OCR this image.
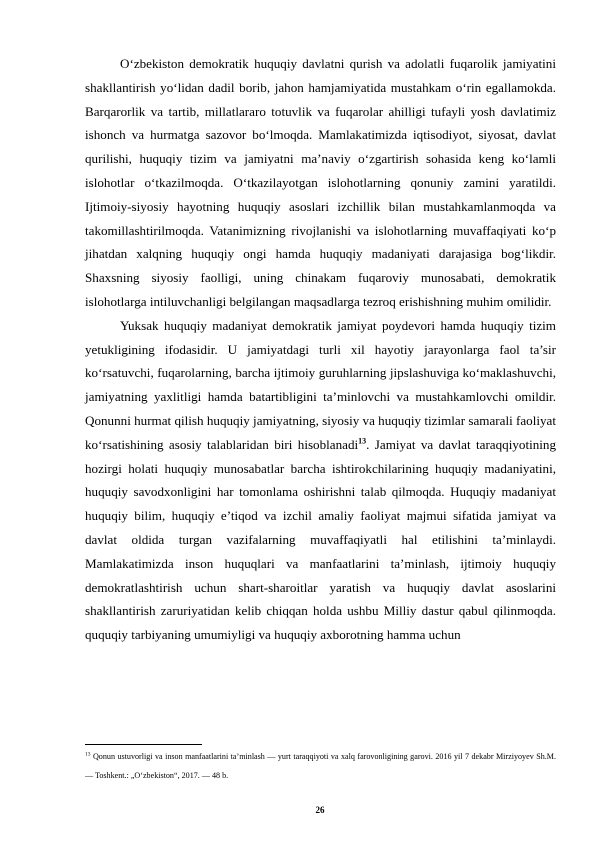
O‘zbekiston demokratik huquqiy davlatni qurish va adolatli fuqarolik jamiyatini shakllantirish yo‘lidan dadil borib, jahon hamjamiyatida mustahkam o‘rin egallamokda. Barqarorlik va tartib, millatlararo totuvlik va fuqarolar ahilligi tufayli yosh davlatimiz ishonch va hurmatga sazovor bo‘lmoqda. Mamlakatimizda iqtisodiyot, siyosat, davlat qurilishi, huquqiy tizim va jamiyatni ma’naviy o‘zgartirish sohasida keng ko‘lamli islohotlar o‘tkazilmoqda. O‘tkazilayotgan islohotlarning qonuniy zamini yaratildi. Ijtimoiy-siyosiy hayotning huquqiy asoslari izchillik bilan mustahkamlanmoqda va takomillashtirilmoqda. Vatanimizning rivojlanishi va islohotlarning muvaffaqiyati ko‘p jihatdan xalqning huquqiy ongi hamda huquqiy madaniyati darajasiga bog‘likdir. Shaxsning siyosiy faolligi, uning chinakam fuqaroviy munosabati, demokratik islohotlarga intiluvchanligi belgilangan maqsadlarga tezroq erishishning muhim omilidir.

Yuksak huquqiy madaniyat demokratik jamiyat poydevori hamda huquqiy tizim yetukligining ifodasidir. U jamiyatdagi turli xil hayotiy jarayonlarga faol ta’sir ko‘rsatuvchi, fuqarolarning, barcha ijtimoiy guruhlarning jipslashuviga ko‘maklashuvchi, jamiyatning yaxlitligi hamda batartibligini ta’minlovchi va mustahkamlovchi omildir. Qonunni hurmat qilish huquqiy jamiyatning, siyosiy va huquqiy tizimlar samarali faoliyat ko‘rsatishining asosiy talablaridan biri hisoblanadi$^{13}$. Jamiyat va davlat taraqqiyotining hozirgi holati huquqiy munosabatlar barcha ishtirokchilarining huquqiy madaniyatini, huquqiy savodxonligini har tomonlama oshirishni talab qilmoqda. Huquqiy madaniyat huquqiy bilim, huquqiy e’tiqod va izchil amaliy faoliyat majmui sifatida jamiyat va davlat oldida turgan vazifalarning muvaffaqiyatli hal etilishini ta’minlaydi. Mamlakatimizda inson huquqlari va manfaatlarini ta’minlash, ijtimoiy huquqiy demokratlashtirish uchun shart-sharoitlar yaratish va huquqiy davlat asoslarini shakllantirish zaruriyatidan kelib chiqqan holda ushbu Milliy dastur qabul qilinmoqda. ququqiy tarbiyaning umumiyligi va huquqiy axborotning hamma uchun

$^{13}$ Qonun ustuvorligi va inson manfaatlarini ta’minlash — yurt taraqqiyoti va xalq farovonligining garovi. 2016 yil 7 dekabr Mirziyoyev Sh.M. — Toshkent.: „O‘zbekiston“, 2017. — 48 b.
26
